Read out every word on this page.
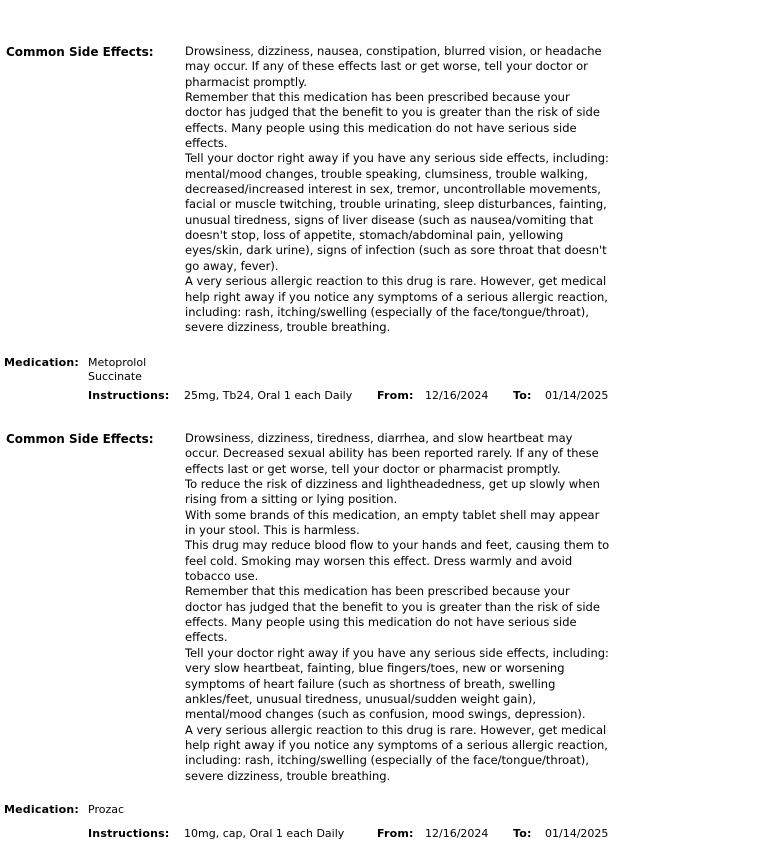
Common Side Effects:	Drowsiness, dizziness, nausea, constipation, blurred vision, or headache may occur. If any of these effects last or get worse, tell your doctor or pharmacist promptly.

Remember that this medication has been prescribed because your doctor has judged that the benefit to you is greater than the risk of side effects. Many people using this medication do not have serious side effects.

Tell your doctor right away if you have any serious side effects, including: mental/mood changes, trouble speaking, clumsiness, trouble walking, decreased/increased interest in sex, tremor, uncontrollable movements, facial or muscle twitching, trouble urinating, sleep disturbances, fainting, unusual tiredness, signs of liver disease (such as nausea/vomiting that doesn't stop, loss of appetite, stomach/abdominal pain, yellowing eyes/skin, dark urine), signs of infection (such as sore throat that doesn't go away, fever).

A very serious allergic reaction to this drug is rare. However, get medical help right away if you notice any symptoms of a serious allergic reaction, including: rash, itching/swelling (especially of the face/tongue/throat), severe dizziness, trouble breathing.

Medication: Metoprolol Succinate
Instructions: 25mg, Tb24, Oral 1 each Daily From: 12/16/2024 To: 01/14/2025
Common Side Effects:	Drowsiness, dizziness, tiredness, diarrhea, and slow heartbeat may occur. Decreased sexual ability has been reported rarely. If any of these effects last or get worse, tell your doctor or pharmacist promptly.

To reduce the risk of dizziness and lightheadedness, get up slowly when rising from a sitting or lying position.

With some brands of this medication, an empty tablet shell may appear in your stool. This is harmless.

This drug may reduce blood flow to your hands and feet, causing them to feel cold. Smoking may worsen this effect. Dress warmly and avoid tobacco use.

Remember that this medication has been prescribed because your doctor has judged that the benefit to you is greater than the risk of side effects. Many people using this medication do not have serious side effects.

Tell your doctor right away if you have any serious side effects, including: very slow heartbeat, fainting, blue fingers/toes, new or worsening symptoms of heart failure (such as shortness of breath, swelling ankles/feet, unusual tiredness, unusual/sudden weight gain), mental/mood changes (such as confusion, mood swings, depression).

A very serious allergic reaction to this drug is rare. However, get medical help right away if you notice any symptoms of a serious allergic reaction, including: rash, itching/swelling (especially of the face/tongue/throat), severe dizziness, trouble breathing.

Medication: Prozac
Instructions: 10mg, cap, Oral 1 each Daily	From: 12/16/2024 To: 01/14/2025
